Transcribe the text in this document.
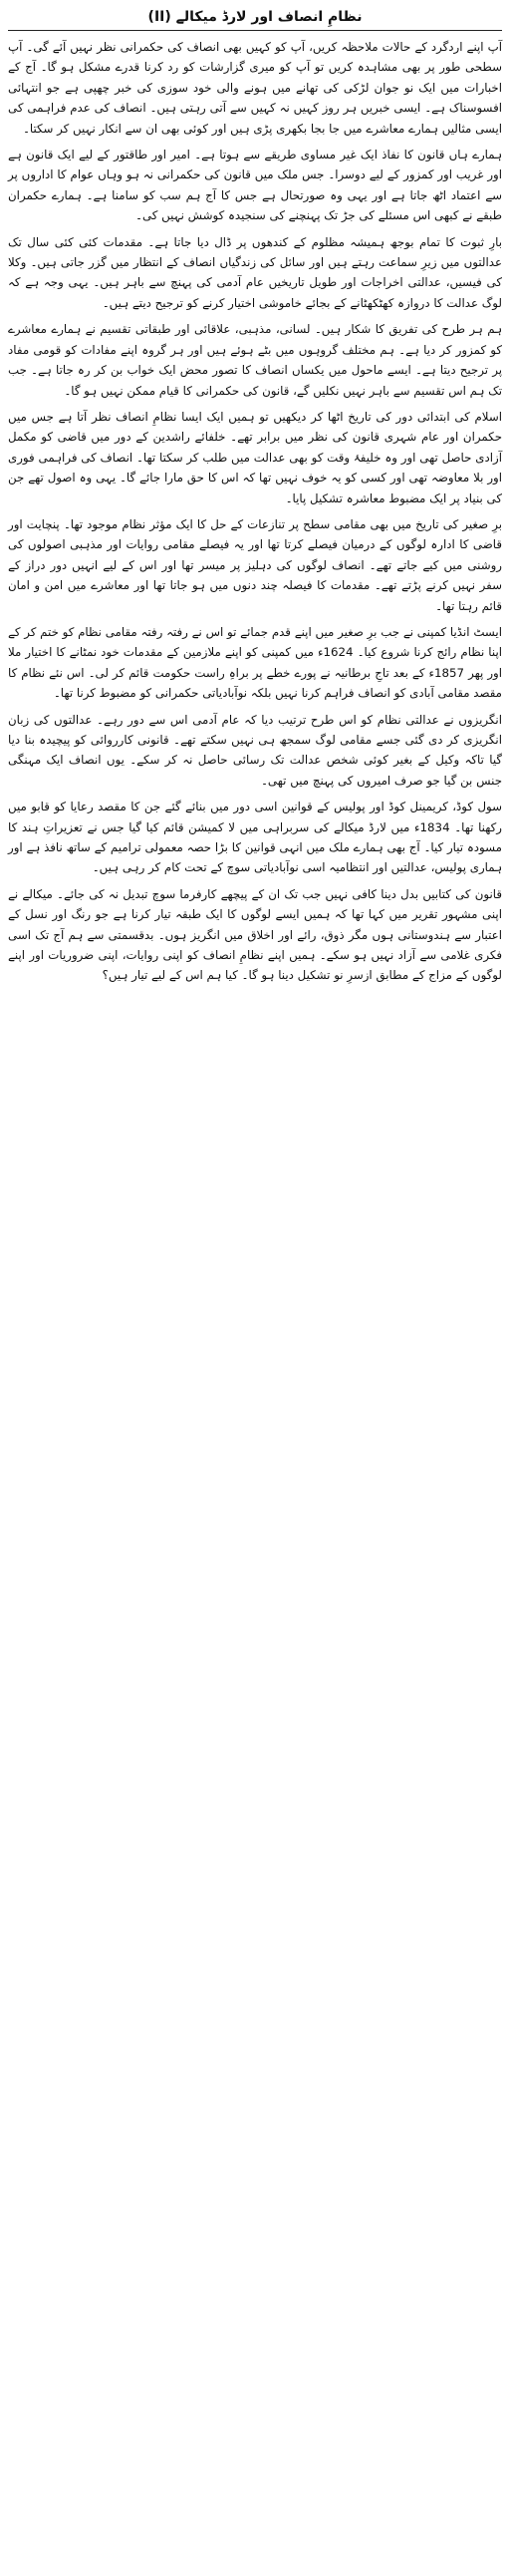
نظامِ انصاف اور لارڈ میکالے (II)

آپ اپنے اردگرد کے حالات ملاحظہ کریں، آپ کو کہیں بھی انصاف کی حکمرانی نظر نہیں آئے گی۔ آپ سطحی طور پر بھی مشاہدہ کریں تو آپ کو میری گزارشات کو رد کرنا قدرے مشکل ہو گا۔ آج کے اخبارات میں ایک نو جوان لڑکی کی تھانے میں ہونے والی خود سوزی کی خبر چھپی ہے جو انتہائی افسوسناک ہے۔ ایسی خبریں ہر روز کہیں نہ کہیں سے آتی رہتی ہیں۔ انصاف کی عدم فراہمی کی ایسی مثالیں ہمارے معاشرے میں جا بجا بکھری پڑی ہیں اور کوئی بھی ان سے انکار نہیں کر سکتا۔

ہمارے ہاں قانون کا نفاذ ایک غیر مساوی طریقے سے ہوتا ہے۔ امیر اور طاقتور کے لیے ایک قانون ہے اور غریب اور کمزور کے لیے دوسرا۔ جس ملک میں قانون کی حکمرانی نہ ہو وہاں عوام کا اداروں پر سے اعتماد اٹھ جاتا ہے اور یہی وہ صورتحال ہے جس کا آج ہم سب کو سامنا ہے۔ ہمارے حکمران طبقے نے کبھی اس مسئلے کی جڑ تک پہنچنے کی سنجیدہ کوشش نہیں کی۔

بارِ ثبوت کا تمام بوجھ ہمیشہ مظلوم کے کندھوں پر ڈال دیا جاتا ہے۔ مقدمات کئی کئی سال تک عدالتوں میں زیرِ سماعت رہتے ہیں اور سائل کی زندگیاں انصاف کے انتظار میں گزر جاتی ہیں۔ وکلا کی فیسیں، عدالتی اخراجات اور طویل تاریخیں عام آدمی کی پہنچ سے باہر ہیں۔ یہی وجہ ہے کہ لوگ عدالت کا دروازہ کھٹکھٹانے کے بجائے خاموشی اختیار کرنے کو ترجیح دیتے ہیں۔

ہم ہر طرح کی تفریق کا شکار ہیں۔ لسانی، مذہبی، علاقائی اور طبقاتی تقسیم نے ہمارے معاشرے کو کمزور کر دیا ہے۔ ہم مختلف گروہوں میں بٹے ہوئے ہیں اور ہر گروہ اپنے مفادات کو قومی مفاد پر ترجیح دیتا ہے۔ ایسے ماحول میں یکساں انصاف کا تصور محض ایک خواب بن کر رہ جاتا ہے۔ جب تک ہم اس تقسیم سے باہر نہیں نکلیں گے، قانون کی حکمرانی کا قیام ممکن نہیں ہو گا۔

اسلام کی ابتدائی دور کی تاریخ اٹھا کر دیکھیں تو ہمیں ایک ایسا نظامِ انصاف نظر آتا ہے جس میں حکمران اور عام شہری قانون کی نظر میں برابر تھے۔ خلفائے راشدین کے دور میں قاضی کو مکمل آزادی حاصل تھی اور وہ خلیفۂ وقت کو بھی عدالت میں طلب کر سکتا تھا۔ انصاف کی فراہمی فوری اور بلا معاوضہ تھی اور کسی کو یہ خوف نہیں تھا کہ اس کا حق مارا جائے گا۔ یہی وہ اصول تھے جن کی بنیاد پر ایک مضبوط معاشرہ تشکیل پایا۔

برِ صغیر کی تاریخ میں بھی مقامی سطح پر تنازعات کے حل کا ایک مؤثر نظام موجود تھا۔ پنچایت اور قاضی کا ادارہ لوگوں کے درمیان فیصلے کرتا تھا اور یہ فیصلے مقامی روایات اور مذہبی اصولوں کی روشنی میں کیے جاتے تھے۔ انصاف لوگوں کی دہلیز پر میسر تھا اور اس کے لیے انہیں دور دراز کے سفر نہیں کرنے پڑتے تھے۔ مقدمات کا فیصلہ چند دنوں میں ہو جاتا تھا اور معاشرے میں امن و امان قائم رہتا تھا۔

ایسٹ انڈیا کمپنی نے جب برِ صغیر میں اپنے قدم جمائے تو اس نے رفتہ رفتہ مقامی نظام کو ختم کر کے اپنا نظام رائج کرنا شروع کیا۔ 1624ء میں کمپنی کو اپنے ملازمین کے مقدمات خود نمٹانے کا اختیار ملا اور پھر 1857ء کے بعد تاجِ برطانیہ نے پورے خطے پر براہِ راست حکومت قائم کر لی۔ اس نئے نظام کا مقصد مقامی آبادی کو انصاف فراہم کرنا نہیں بلکہ نوآبادیاتی حکمرانی کو مضبوط کرنا تھا۔

انگریزوں نے عدالتی نظام کو اس طرح ترتیب دیا کہ عام آدمی اس سے دور رہے۔ عدالتوں کی زبان انگریزی کر دی گئی جسے مقامی لوگ سمجھ ہی نہیں سکتے تھے۔ قانونی کارروائی کو پیچیدہ بنا دیا گیا تاکہ وکیل کے بغیر کوئی شخص عدالت تک رسائی حاصل نہ کر سکے۔ یوں انصاف ایک مہنگی جنس بن گیا جو صرف امیروں کی پہنچ میں تھی۔

سول کوڈ، کریمینل کوڈ اور پولیس کے قوانین اسی دور میں بنائے گئے جن کا مقصد رعایا کو قابو میں رکھنا تھا۔ 1834ء میں لارڈ میکالے کی سربراہی میں لا کمیشن قائم کیا گیا جس نے تعزیراتِ ہند کا مسودہ تیار کیا۔ آج بھی ہمارے ملک میں انہی قوانین کا بڑا حصہ معمولی ترامیم کے ساتھ نافذ ہے اور ہماری پولیس، عدالتیں اور انتظامیہ اسی نوآبادیاتی سوچ کے تحت کام کر رہی ہیں۔

قانون کی کتابیں بدل دینا کافی نہیں جب تک ان کے پیچھے کارفرما سوچ تبدیل نہ کی جائے۔ میکالے نے اپنی مشہور تقریر میں کہا تھا کہ ہمیں ایسے لوگوں کا ایک طبقہ تیار کرنا ہے جو رنگ اور نسل کے اعتبار سے ہندوستانی ہوں مگر ذوق، رائے اور اخلاق میں انگریز ہوں۔ بدقسمتی سے ہم آج تک اسی فکری غلامی سے آزاد نہیں ہو سکے۔ ہمیں اپنے نظامِ انصاف کو اپنی روایات، اپنی ضروریات اور اپنے لوگوں کے مزاج کے مطابق ازسرِ نو تشکیل دینا ہو گا۔ کیا ہم اس کے لیے تیار ہیں؟
